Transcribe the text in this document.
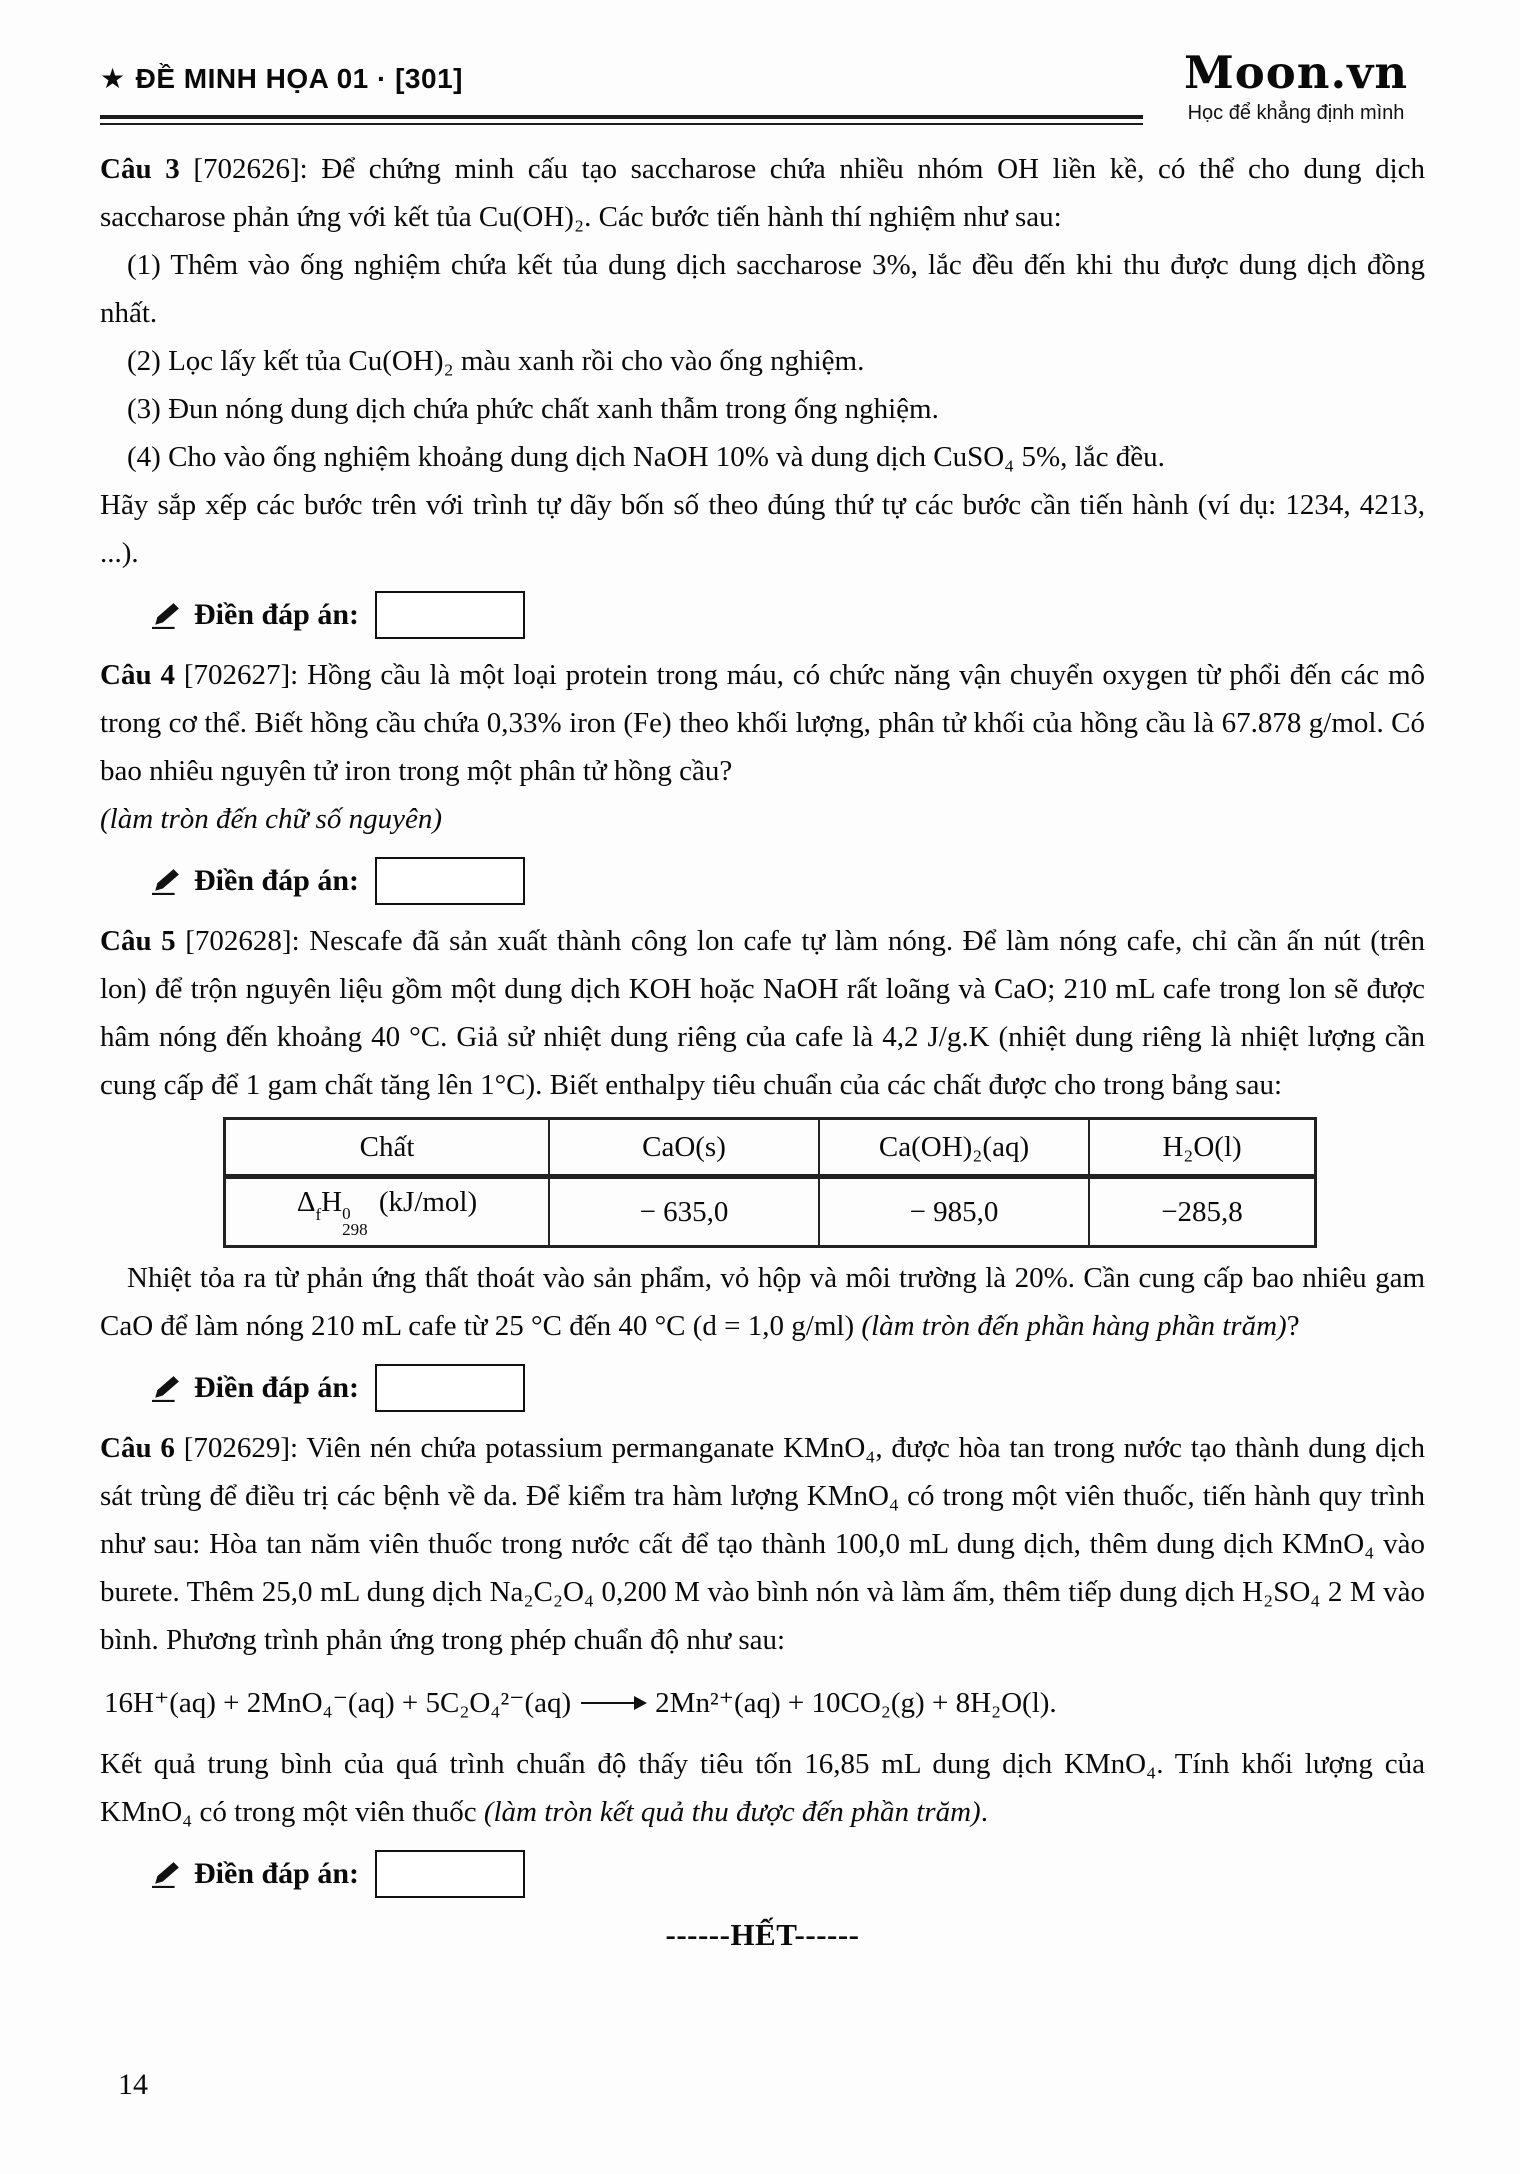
★ ĐỀ MINH HỌA 01 · [301]	Moon.vn
Học để khẳng định mình

Câu 3 [702626]: Để chứng minh cấu tạo saccharose chứa nhiều nhóm OH liền kề, có thể cho dung dịch saccharose phản ứng với kết tủa Cu(OH)₂. Các bước tiến hành thí nghiệm như sau:

(1) Thêm vào ống nghiệm chứa kết tủa dung dịch saccharose 3%, lắc đều đến khi thu được dung dịch đồng nhất.

(2) Lọc lấy kết tủa Cu(OH)₂ màu xanh rồi cho vào ống nghiệm.

(3) Đun nóng dung dịch chứa phức chất xanh thẫm trong ống nghiệm.

(4) Cho vào ống nghiệm khoảng dung dịch NaOH 10% và dung dịch CuSO₄ 5%, lắc đều.

Hãy sắp xếp các bước trên với trình tự dãy bốn số theo đúng thứ tự các bước cần tiến hành (ví dụ: 1234, 4213, ...).

Điền đáp án:

Câu 4 [702627]: Hồng cầu là một loại protein trong máu, có chức năng vận chuyển oxygen từ phổi đến các mô trong cơ thể. Biết hồng cầu chứa 0,33% iron (Fe) theo khối lượng, phân tử khối của hồng cầu là 67.878 g/mol. Có bao nhiêu nguyên tử iron trong một phân tử hồng cầu?

(làm tròn đến chữ số nguyên)

Điền đáp án:

Câu 5 [702628]: Nescafe đã sản xuất thành công lon cafe tự làm nóng. Để làm nóng cafe, chỉ cần ấn nút (trên lon) để trộn nguyên liệu gồm một dung dịch KOH hoặc NaOH rất loãng và CaO; 210 mL cafe trong lon sẽ được hâm nóng đến khoảng 40 °C. Giả sử nhiệt dung riêng của cafe là 4,2 J/g.K (nhiệt dung riêng là nhiệt lượng cần cung cấp để 1 gam chất tăng lên 1°C). Biết enthalpy tiêu chuẩn của các chất được cho trong bảng sau:

Chất	CaO(s)	Ca(OH)₂(aq)	H₂O(l)
$\Delta_fH$ 0
298
(kJ/mol)	− 635,0	− 985,0	−285,8

Nhiệt tỏa ra từ phản ứng thất thoát vào sản phẩm, vỏ hộp và môi trường là 20%. Cần cung cấp bao nhiêu gam CaO để làm nóng 210 mL cafe từ 25 °C đến 40 °C (d = 1,0 g/ml) (làm tròn đến phần hàng phần trăm)?

Điền đáp án:

Câu 6 [702629]: Viên nén chứa potassium permanganate KMnO₄, được hòa tan trong nước tạo thành dung dịch sát trùng để điều trị các bệnh về da. Để kiểm tra hàm lượng KMnO₄ có trong một viên thuốc, tiến hành quy trình như sau: Hòa tan năm viên thuốc trong nước cất để tạo thành 100,0 mL dung dịch, thêm dung dịch KMnO₄ vào burete. Thêm 25,0 mL dung dịch Na₂C₂O₄ 0,200 M vào bình nón và làm ấm, thêm tiếp dung dịch H₂SO₄ 2 M vào bình. Phương trình phản ứng trong phép chuẩn độ như sau:

16H⁺(aq) + 2MnO₄⁻(aq) + 5C₂O₄²⁻(aq) → 2Mn²⁺(aq) + 10CO₂(g) + 8H₂O(l).

Kết quả trung bình của quá trình chuẩn độ thấy tiêu tốn 16,85 mL dung dịch KMnO₄. Tính khối lượng của KMnO₄ có trong một viên thuốc (làm tròn kết quả thu được đến phần trăm).

Điền đáp án:
------HẾT------
14
